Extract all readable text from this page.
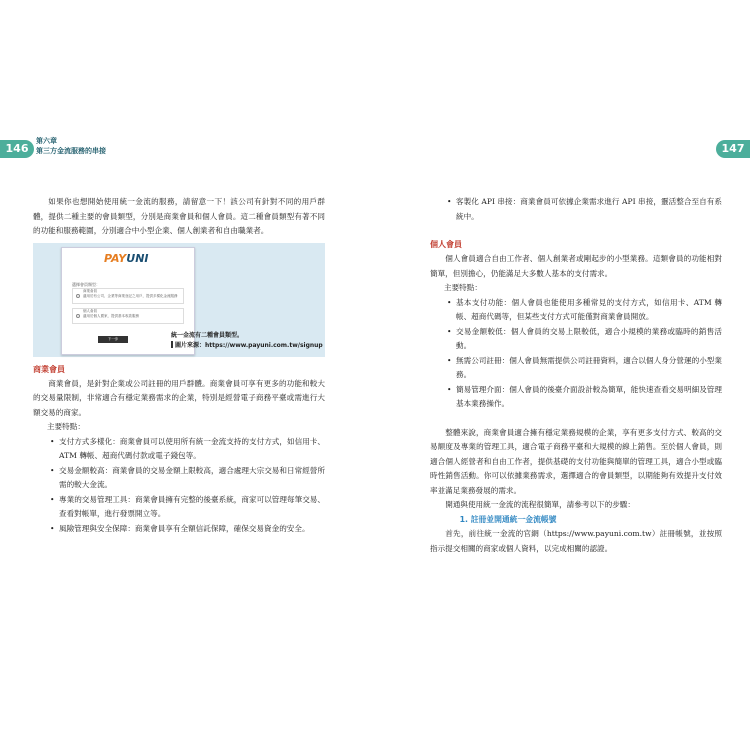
146
第六章
第三方金流服務的串接	147

如果你也想開始使用統一金流的服務，請留意一下！該公司有針對不同的用戶群體，提供二種主要的會員類型，分別是商業會員和個人會員。這二種會員類型有著不同的功能和服務範圍，分別適合中小型企業、個人創業者和自由職業者。

PAYUNI
選擇會員類型：
商業會員
適用於有公司、企業等商業登記之用戶，提供多樣化金流服務
個人會員
適用於個人賣家，提供基本收款服務
下一步	統一金流有二種會員類型。
圖片來源：https://www.payuni.com.tw/signup
商業會員

商業會員，是針對企業或公司註冊的用戶群體。商業會員可享有更多的功能和較大的交易量限制，非常適合有穩定業務需求的企業，特別是經營電子商務平臺或需進行大額交易的商家。

主要特點：

• 支付方式多樣化：商業會員可以使用所有統一金流支持的支付方式，如信用卡、ATM 轉帳、超商代碼付款或電子錢包等。
• 交易金額較高：商業會員的交易金額上限較高，適合處理大宗交易和日常經營所需的較大金流。
• 專業的交易管理工具：商業會員擁有完整的後臺系統，商家可以管理每筆交易、查看對帳單，進行發票開立等。
• 風險管理與安全保障：商業會員享有全額信託保障，確保交易資金的安全。
• 客製化 API 串接：商業會員可依據企業需求進行 API 串接，靈活整合至自有系統中。
個人會員

個人會員適合自由工作者、個人創業者或剛起步的小型業務。這類會員的功能相對簡單，但別擔心，仍能滿足大多數人基本的支付需求。

主要特點：

• 基本支付功能：個人會員也能使用多種常見的支付方式，如信用卡、ATM 轉帳、超商代碼等，但某些支付方式可能僅對商業會員開放。
• 交易金額較低：個人會員的交易上限較低，適合小規模的業務或臨時的銷售活動。
• 無需公司註冊：個人會員無需提供公司註冊資料，適合以個人身分營運的小型業務。
• 簡易管理介面：個人會員的後臺介面設計較為簡單，能快速查看交易明細及管理基本業務操作。

整體來說，商業會員適合擁有穩定業務規模的企業，享有更多支付方式、較高的交易額度及專業的管理工具，適合電子商務平臺和大規模的線上銷售。至於個人會員，則適合個人經營者和自由工作者，提供基礎的支付功能與簡單的管理工具，適合小型或臨時性銷售活動。你可以依據業務需求，選擇適合的會員類型，以期能夠有效提升支付效率並滿足業務發展的需求。

開通與使用統一金流的流程很簡單，請參考以下的步驟：

1. 註冊並開通統一金流帳號

首先，前往統一金流的官網（https://www.payuni.com.tw）註冊帳號，並按照指示提交相關的商家或個人資料，以完成相關的認證。
